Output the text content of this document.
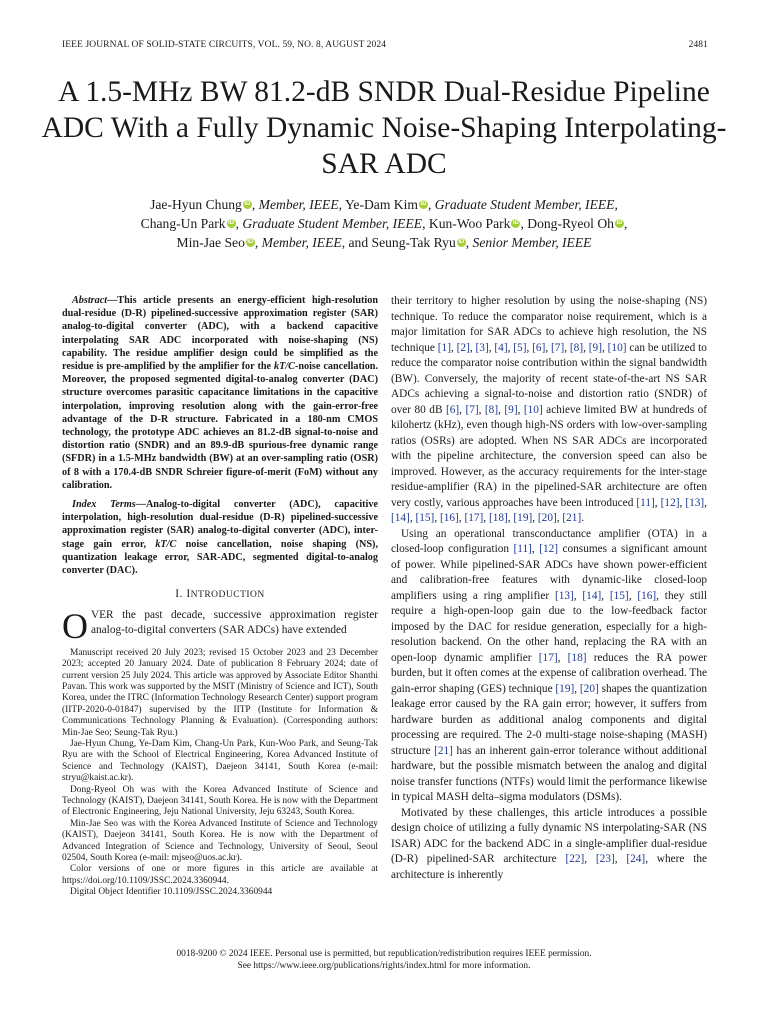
IEEE JOURNAL OF SOLID-STATE CIRCUITS, VOL. 59, NO. 8, AUGUST 2024	2481
A 1.5-MHz BW 81.2-dB SNDR Dual-Residue Pipeline ADC With a Fully Dynamic Noise-Shaping Interpolating-SAR ADC
Jae-Hyun Chung iD , Member, IEEE, Ye-Dam Kim iD , Graduate Student Member, IEEE,
Chang-Un Park iD , Graduate Student Member, IEEE, Kun-Woo Park iD , Dong-Ryeol Oh iD ,
Min-Jae Seo iD , Member, IEEE, and Seung-Tak Ryu iD , Senior Member, IEEE

Abstract—This article presents an energy-efficient high-resolution dual-residue (D-R) pipelined-successive approximation register (SAR) analog-to-digital converter (ADC), with a backend capacitive interpolating SAR ADC incorporated with noise-shaping (NS) capability. The residue amplifier design could be simplified as the residue is pre-amplified by the amplifier for the kT/C-noise cancellation. Moreover, the proposed segmented digital-to-analog converter (DAC) structure overcomes parasitic capacitance limitations in the capacitive interpolation, improving resolution along with the gain-error-free advantage of the D-R structure. Fabricated in a 180-nm CMOS technology, the prototype ADC achieves an 81.2-dB signal-to-noise and distortion ratio (SNDR) and an 89.9-dB spurious-free dynamic range (SFDR) in a 1.5-MHz bandwidth (BW) at an over-sampling ratio (OSR) of 8 with a 170.4-dB SNDR Schreier figure-of-merit (FoM) without any calibration.

Index Terms—Analog-to-digital converter (ADC), capacitive interpolation, high-resolution dual-residue (D-R) pipelined-successive approximation register (SAR) analog-to-digital converter (ADC), inter-stage gain error, kT/C noise cancellation, noise shaping (NS), quantization leakage error, SAR-ADC, segmented digital-to-analog converter (DAC).

I. INTRODUCTION

OVER the past decade, successive approximation register analog-to-digital converters (SAR ADCs) have extended

Manuscript received 20 July 2023; revised 15 October 2023 and 23 December 2023; accepted 20 January 2024. Date of publication 8 February 2024; date of current version 25 July 2024. This article was approved by Associate Editor Shanthi Pavan. This work was supported by the MSIT (Ministry of Science and ICT), South Korea, under the ITRC (Information Technology Research Center) support program (IITP-2020-0-01847) supervised by the IITP (Institute for Information & Communications Technology Planning & Evaluation). (Corresponding authors: Min-Jae Seo; Seung-Tak Ryu.)

Jae-Hyun Chung, Ye-Dam Kim, Chang-Un Park, Kun-Woo Park, and Seung-Tak Ryu are with the School of Electrical Engineering, Korea Advanced Institute of Science and Technology (KAIST), Daejeon 34141, South Korea (e-mail: stryu@kaist.ac.kr).

Dong-Ryeol Oh was with the Korea Advanced Institute of Science and Technology (KAIST), Daejeon 34141, South Korea. He is now with the Department of Electronic Engineering, Jeju National University, Jeju 63243, South Korea.

Min-Jae Seo was with the Korea Advanced Institute of Science and Technology (KAIST), Daejeon 34141, South Korea. He is now with the Department of Advanced Integration of Science and Technology, University of Seoul, Seoul 02504, South Korea (e-mail: mjseo@uos.ac.kr).

Color versions of one or more figures in this article are available at https://doi.org/10.1109/JSSC.2024.3360944.

Digital Object Identifier 10.1109/JSSC.2024.3360944

their territory to higher resolution by using the noise-shaping (NS) technique. To reduce the comparator noise requirement, which is a major limitation for SAR ADCs to achieve high resolution, the NS technique [1], [2], [3], [4], [5], [6], [7], [8], [9], [10] can be utilized to reduce the comparator noise contribution within the signal bandwidth (BW). Conversely, the majority of recent state-of-the-art NS SAR ADCs achieving a signal-to-noise and distortion ratio (SNDR) of over 80 dB [6], [7], [8], [9], [10] achieve limited BW at hundreds of kilohertz (kHz), even though high-NS orders with low-over-sampling ratios (OSRs) are adopted. When NS SAR ADCs are incorporated with the pipeline architecture, the conversion speed can also be improved. However, as the accuracy requirements for the inter-stage residue-amplifier (RA) in the pipelined-SAR architecture are often very costly, various approaches have been introduced [11], [12], [13], [14], [15], [16], [17], [18], [19], [20], [21].

Using an operational transconductance amplifier (OTA) in a closed-loop configuration [11], [12] consumes a significant amount of power. While pipelined-SAR ADCs have shown power-efficient and calibration-free features with dynamic-like closed-loop amplifiers using a ring amplifier [13], [14], [15], [16], they still require a high-open-loop gain due to the low-feedback factor imposed by the DAC for residue generation, especially for a high-resolution backend. On the other hand, replacing the RA with an open-loop dynamic amplifier [17], [18] reduces the RA power burden, but it often comes at the expense of calibration overhead. The gain-error shaping (GES) technique [19], [20] shapes the quantization leakage error caused by the RA gain error; however, it suffers from hardware burden as additional analog components and digital processing are required. The 2-0 multi-stage noise-shaping (MASH) structure [21] has an inherent gain-error tolerance without additional hardware, but the possible mismatch between the analog and digital noise transfer functions (NTFs) would limit the performance likewise in typical MASH delta–sigma modulators (DSMs).

Motivated by these challenges, this article introduces a possible design choice of utilizing a fully dynamic NS interpolating-SAR (NS ISAR) ADC for the backend ADC in a single-amplifier dual-residue (D-R) pipelined-SAR architecture [22], [23], [24], where the architecture is inherently

0018-9200 © 2024 IEEE. Personal use is permitted, but republication/redistribution requires IEEE permission.
See https://www.ieee.org/publications/rights/index.html for more information.
